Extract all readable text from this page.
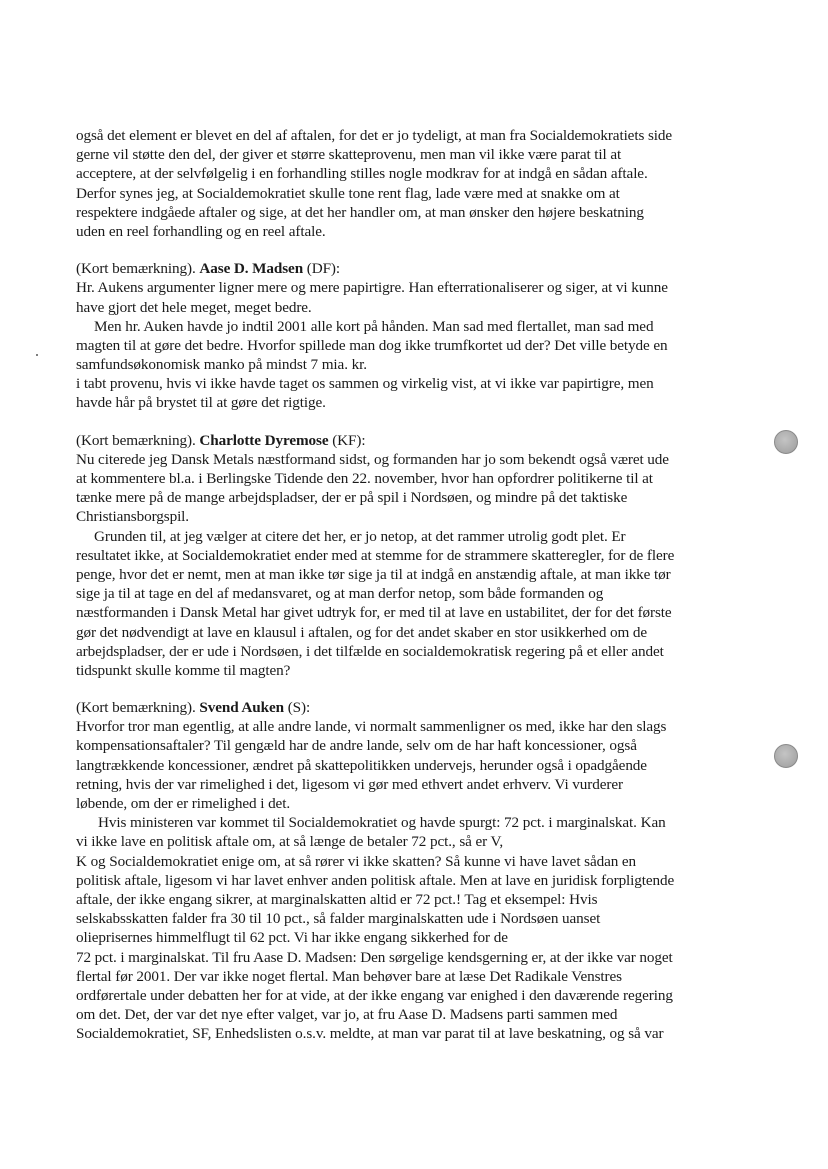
også det element er blevet en del af aftalen, for det er jo tydeligt, at man fra Socialdemokratiets side
gerne vil støtte den del, der giver et større skatteprovenu, men man vil ikke være parat til at
acceptere, at der selvfølgelig i en forhandling stilles nogle modkrav for at indgå en sådan aftale.
Derfor synes jeg, at Socialdemokratiet skulle tone rent flag, lade være med at snakke om at
respektere indgåede aftaler og sige, at det her handler om, at man ønsker den højere beskatning
uden en reel forhandling og en reel aftale.
(Kort bemærkning). Aase D. Madsen (DF):
Hr. Aukens argumenter ligner mere og mere papirtigre. Han efterrationaliserer og siger, at vi kunne
have gjort det hele meget, meget bedre.
Men hr. Auken havde jo indtil 2001 alle kort på hånden. Man sad med flertallet, man sad med
magten til at gøre det bedre. Hvorfor spillede man dog ikke trumfkortet ud der? Det ville betyde en
samfundsøkonomisk manko på mindst 7 mia. kr.
i tabt provenu, hvis vi ikke havde taget os sammen og virkelig vist, at vi ikke var papirtigre, men
havde hår på brystet til at gøre det rigtige.
(Kort bemærkning). Charlotte Dyremose (KF):
Nu citerede jeg Dansk Metals næstformand sidst, og formanden har jo som bekendt også været ude
at kommentere bl.a. i Berlingske Tidende den 22. november, hvor han opfordrer politikerne til at
tænke mere på de mange arbejdspladser, der er på spil i Nordsøen, og mindre på det taktiske
Christiansborgspil.
Grunden til, at jeg vælger at citere det her, er jo netop, at det rammer utrolig godt plet. Er
resultatet ikke, at Socialdemokratiet ender med at stemme for de strammere skatteregler, for de flere
penge, hvor det er nemt, men at man ikke tør sige ja til at indgå en anstændig aftale, at man ikke tør
sige ja til at tage en del af medansvaret, og at man derfor netop, som både formanden og
næstformanden i Dansk Metal har givet udtryk for, er med til at lave en ustabilitet, der for det første
gør det nødvendigt at lave en klausul i aftalen, og for det andet skaber en stor usikkerhed om de
arbejdspladser, der er ude i Nordsøen, i det tilfælde en socialdemokratisk regering på et eller andet
tidspunkt skulle komme til magten?
(Kort bemærkning). Svend Auken (S):
Hvorfor tror man egentlig, at alle andre lande, vi normalt sammenligner os med, ikke har den slags
kompensationsaftaler? Til gengæld har de andre lande, selv om de har haft koncessioner, også
langtrækkende koncessioner, ændret på skattepolitikken undervejs, herunder også i opadgående
retning, hvis der var rimelighed i det, ligesom vi gør med ethvert andet erhverv. Vi vurderer
løbende, om der er rimelighed i det.
Hvis ministeren var kommet til Socialdemokratiet og havde spurgt: 72 pct. i marginalskat. Kan
vi ikke lave en politisk aftale om, at så længe de betaler 72 pct., så er V,
K og Socialdemokratiet enige om, at så rører vi ikke skatten? Så kunne vi have lavet sådan en
politisk aftale, ligesom vi har lavet enhver anden politisk aftale. Men at lave en juridisk forpligtende
aftale, der ikke engang sikrer, at marginalskatten altid er 72 pct.! Tag et eksempel: Hvis
selskabsskatten falder fra 30 til 10 pct., så falder marginalskatten ude i Nordsøen uanset
olieprisernes himmelflugt til 62 pct. Vi har ikke engang sikkerhed for de
72 pct. i marginalskat. Til fru Aase D. Madsen: Den sørgelige kendsgerning er, at der ikke var noget
flertal før 2001. Der var ikke noget flertal. Man behøver bare at læse Det Radikale Venstres
ordførertale under debatten her for at vide, at der ikke engang var enighed i den daværende regering
om det. Det, der var det nye efter valget, var jo, at fru Aase D. Madsens parti sammen med
Socialdemokratiet, SF, Enhedslisten o.s.v. meldte, at man var parat til at lave beskatning, og så var
